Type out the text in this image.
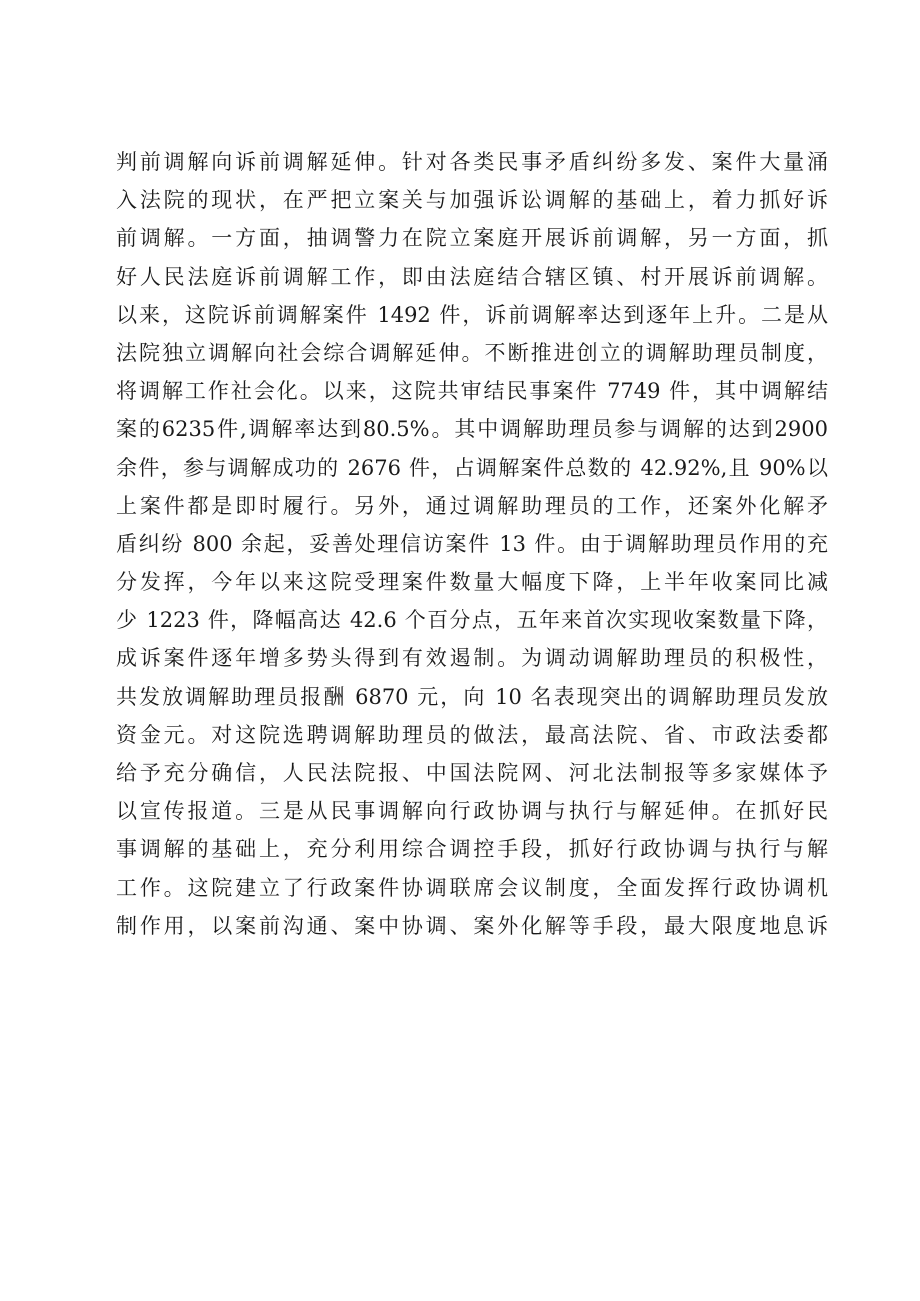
判前调解向诉前调解延伸。针对各类民事矛盾纠纷多发、案件大量涌
入法院的现状，在严把立案关与加强诉讼调解的基础上，着力抓好诉
前调解。一方面，抽调警力在院立案庭开展诉前调解，另一方面，抓
好人民法庭诉前调解工作，即由法庭结合辖区镇、村开展诉前调解。
以来，这院诉前调解案件 1492 件，诉前调解率达到逐年上升。二是从
法院独立调解向社会综合调解延伸。不断推进创立的调解助理员制度，
将调解工作社会化。以来，这院共审结民事案件 7749 件，其中调解结
案的6235件,调解率达到80.5%。其中调解助理员参与调解的达到2900
余件，参与调解成功的 2676 件，占调解案件总数的 42.92%,且 90%以
上案件都是即时履行。另外，通过调解助理员的工作，还案外化解矛
盾纠纷 800 余起，妥善处理信访案件 13 件。由于调解助理员作用的充
分发挥，今年以来这院受理案件数量大幅度下降，上半年收案同比减
少 1223 件，降幅高达 42.6 个百分点，五年来首次实现收案数量下降，
成诉案件逐年增多势头得到有效遏制。为调动调解助理员的积极性，
共发放调解助理员报酬 6870 元，向 10 名表现突出的调解助理员发放
资金元。对这院选聘调解助理员的做法，最高法院、省、市政法委都
给予充分确信，人民法院报、中国法院网、河北法制报等多家媒体予
以宣传报道。三是从民事调解向行政协调与执行与解延伸。在抓好民
事调解的基础上，充分利用综合调控手段，抓好行政协调与执行与解
工作。这院建立了行政案件协调联席会议制度，全面发挥行政协调机
制作用，以案前沟通、案中协调、案外化解等手段，最大限度地息诉
